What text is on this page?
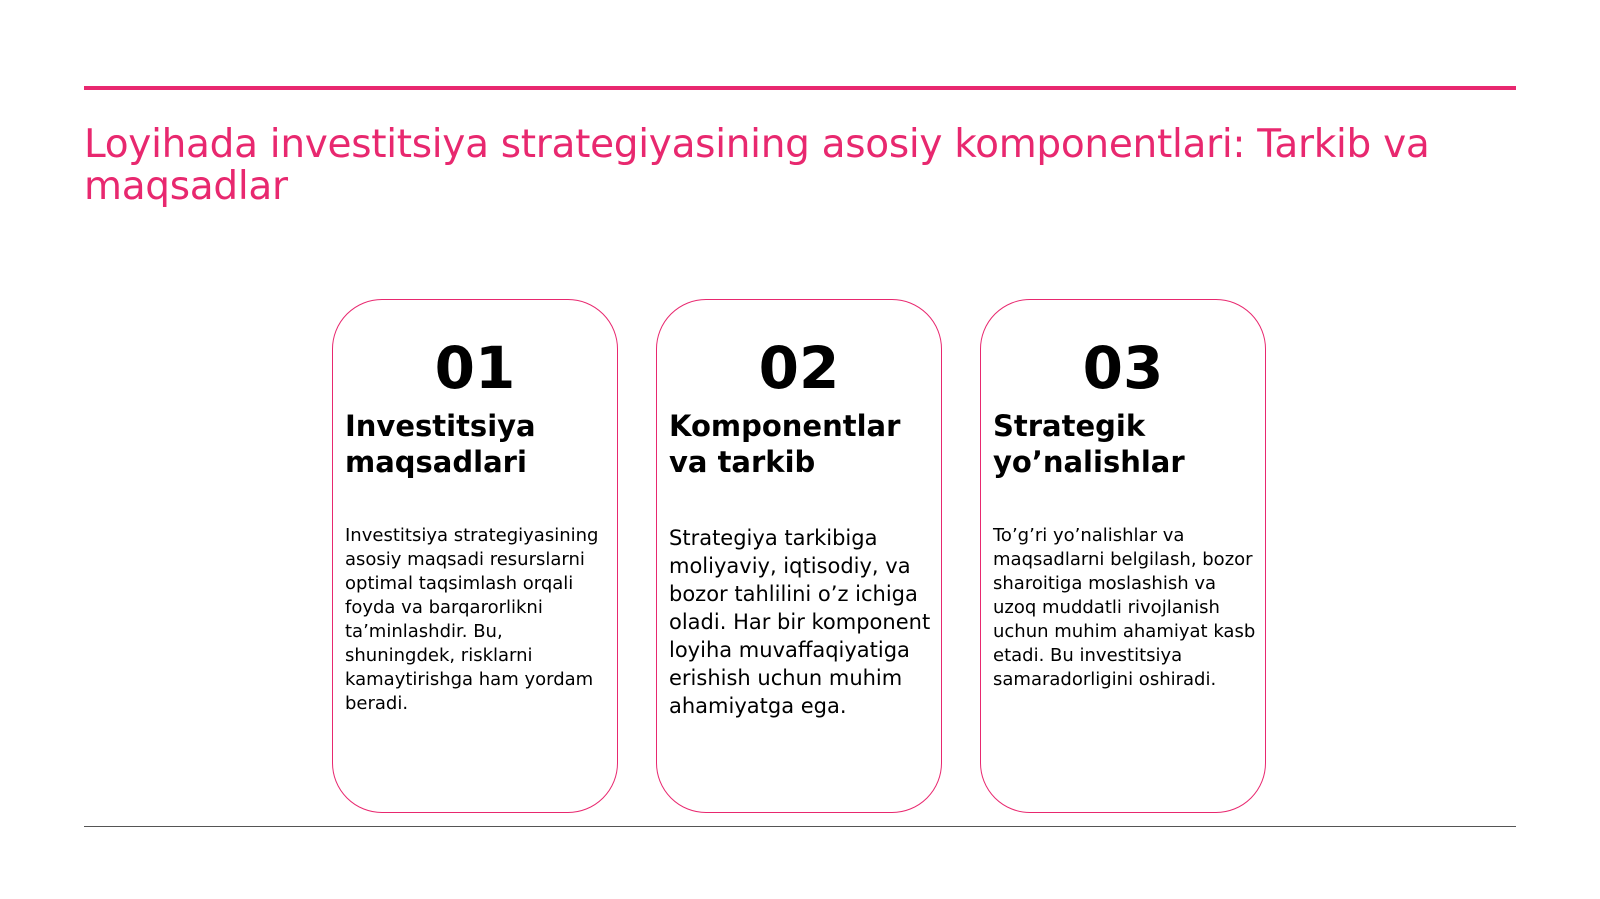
Loyihada investitsiya strategiyasining asosiy komponentlari: Tarkib va maqsadlar
01
Investitsiya maqsadlari

Investitsiya strategiyasining asosiy maqsadi resurslarni optimal taqsimlash orqali foyda va barqarorlikni ta’minlashdir. Bu, shuningdek, risklarni kamaytirishga ham yordam beradi.

02
Komponentlar va tarkib

Strategiya tarkibiga moliyaviy, iqtisodiy, va bozor tahlilini o’z ichiga oladi. Har bir komponent loyiha muvaffaqiyatiga erishish uchun muhim ahamiyatga ega.

03
Strategik yo’nalishlar

To’g’ri yo’nalishlar va maqsadlarni belgilash, bozor sharoitiga moslashish va uzoq muddatli rivojlanish uchun muhim ahamiyat kasb etadi. Bu investitsiya samaradorligini oshiradi.
